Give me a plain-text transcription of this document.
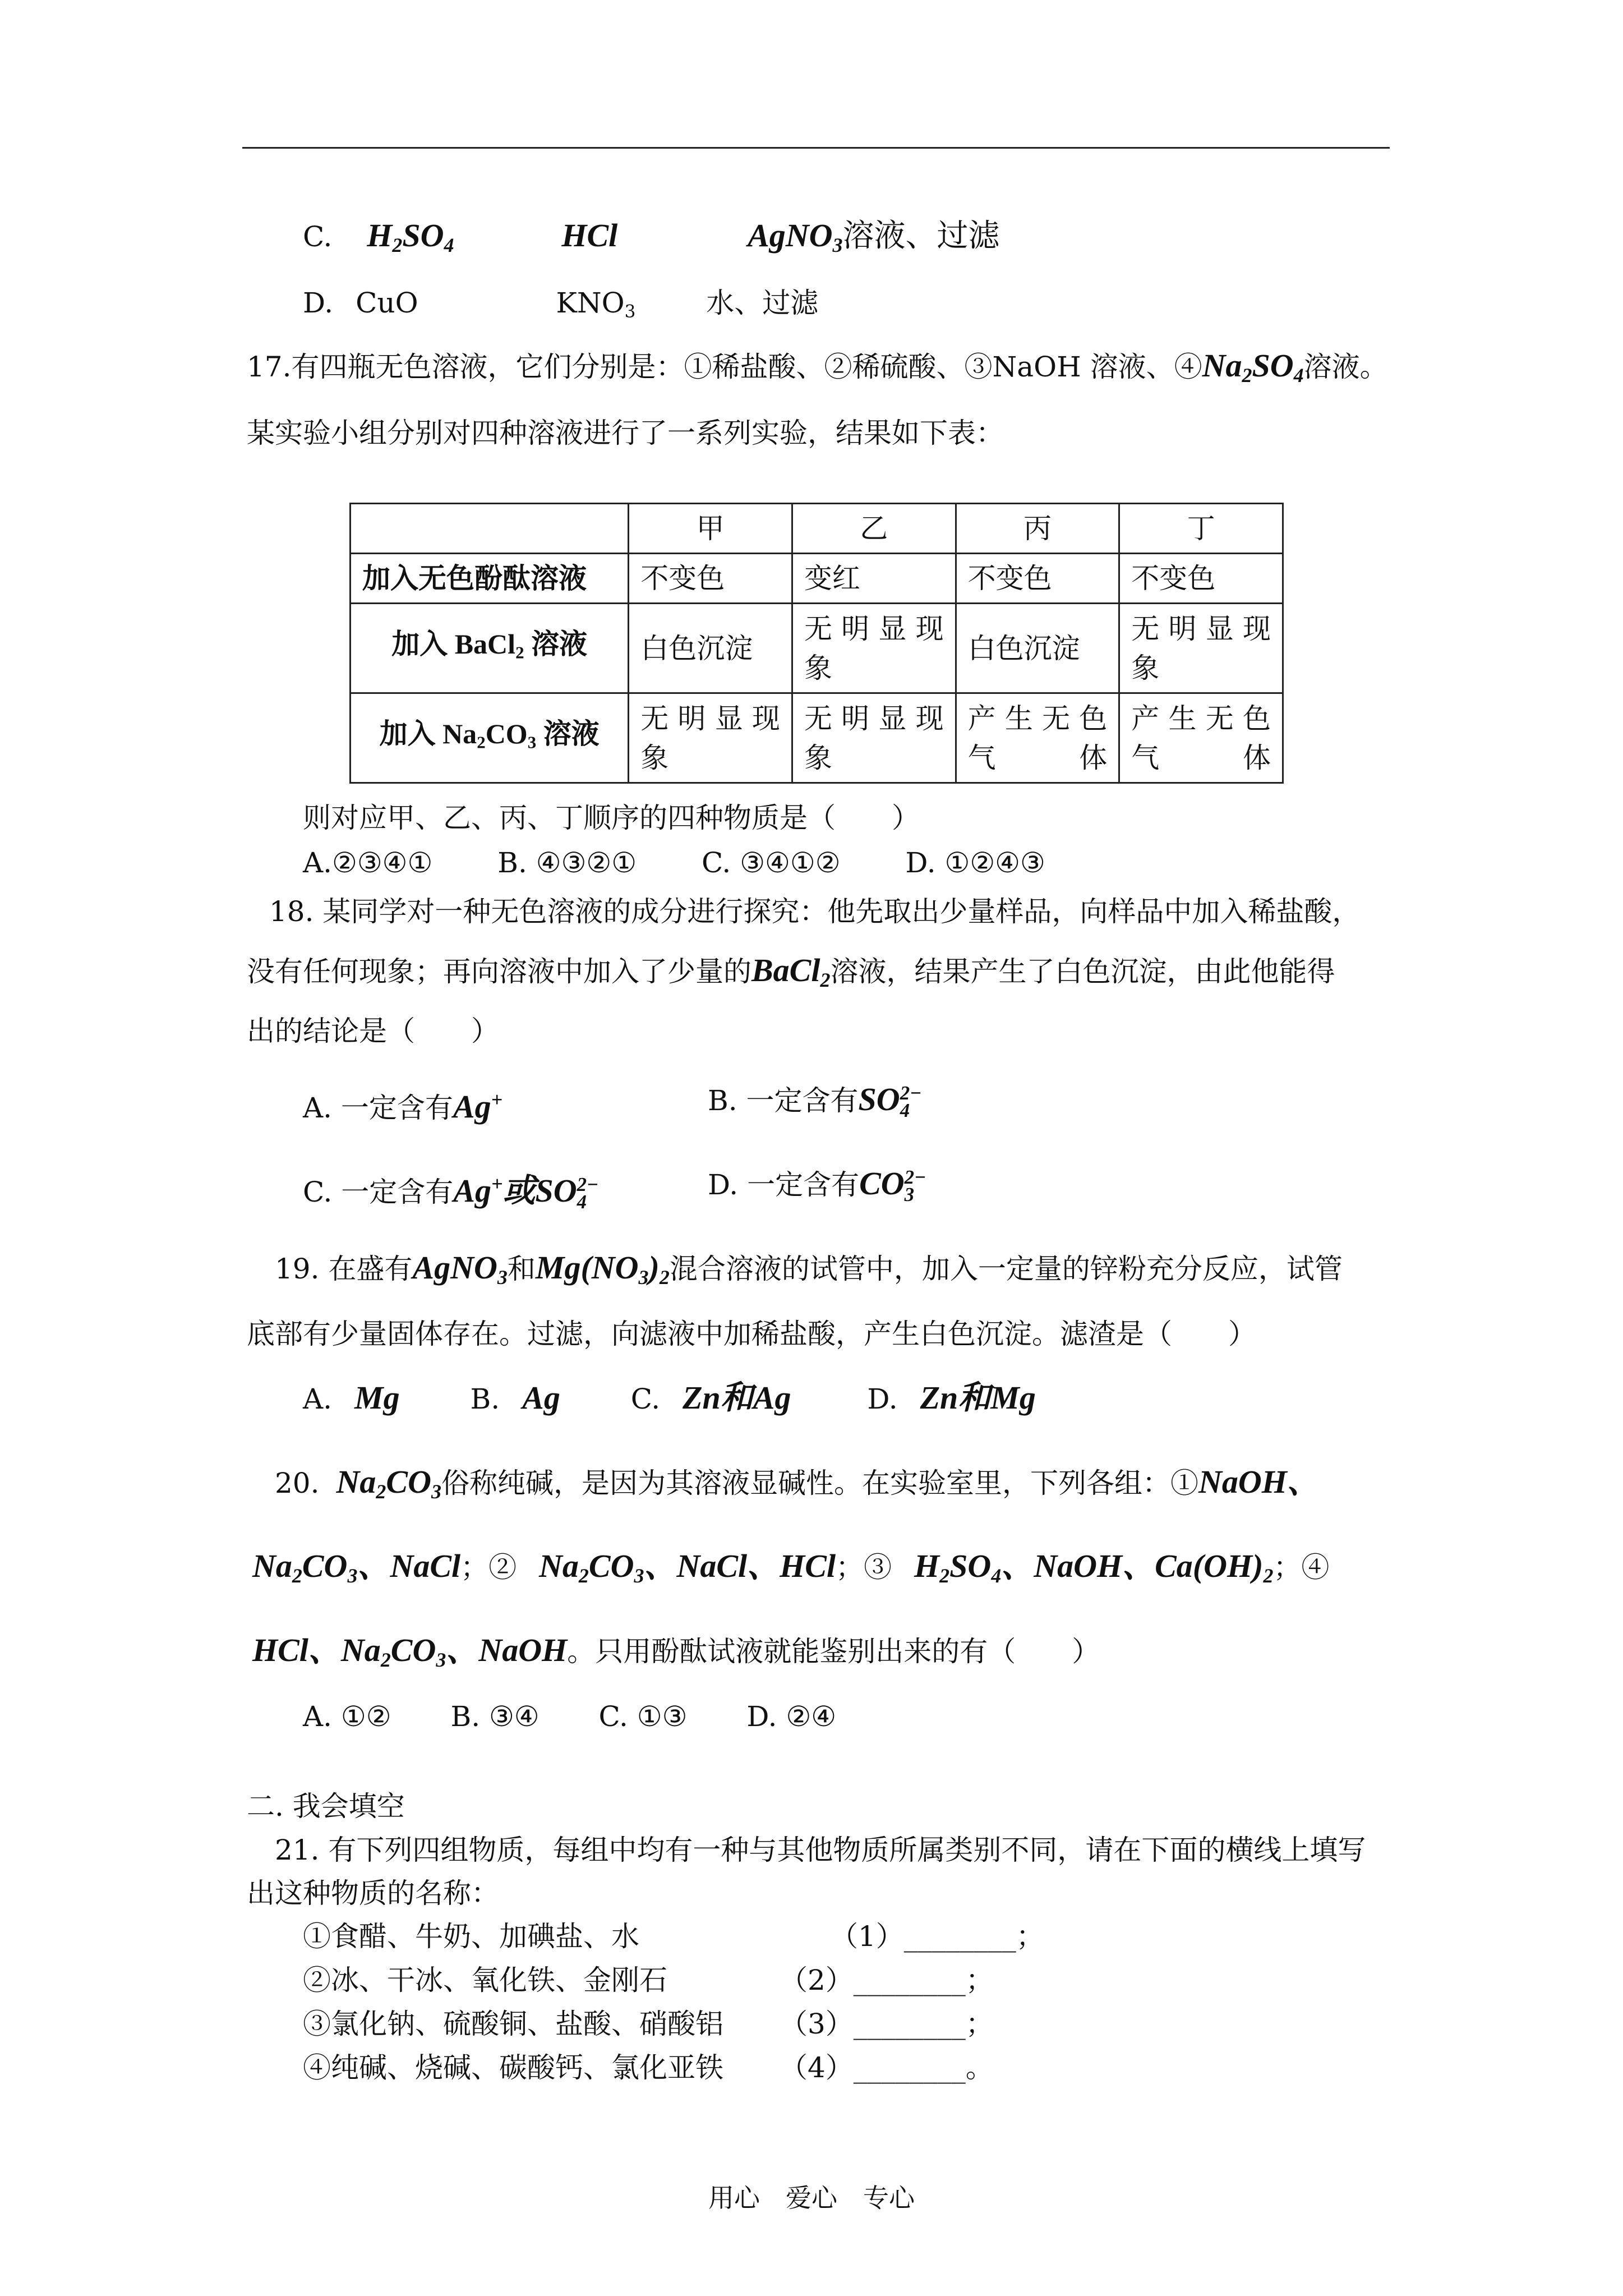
C. $H_2SO_4$	HCl	AgNO$_3$溶液、过滤
D. CuO	$KNO_3$	水、过滤
17.有四瓶无色溶液，它们分别是：①稀盐酸、②稀硫酸、③NaOH 溶液、$④Na_2SO_4$溶液。
某实验小组分别对四种溶液进行了一系列实验，结果如下表：
	甲	乙	丙	丁
加入无色酚酞溶液	不变色	变红	不变色	不变色
加入 BaCl$_2$ 溶液	白色沉淀	无明显现象	白色沉淀	无明显现象
加入 $Na_2CO_3$ 溶液	无明显现象	无明显现象	产生无色气体	产生无色气体
则对应甲、乙、丙、丁顺序的四种物质是（　　）
A.②③④① B. ④③②① C. ③④①② D. ①②④③
18. 某同学对一种无色溶液的成分进行探究：他先取出少量样品，向样品中加入稀盐酸，
没有任何现象；再向溶液中加入了少量的BaCl$_2$溶液，结果产生了白色沉淀，由此他能得
出的结论是（　　）
A. 一定含有Ag+	B. 一定含有SO 2−
4
C. 一定含有Ag+或SO 2−
4
D. 一定含有CO 2−
3
19. 在盛有AgNO$_3$和$Mg(NO_3)_2$混合溶液的试管中，加入一定量的锌粉充分反应，试管
底部有少量固体存在。过滤，向滤液中加稀盐酸，产生白色沉淀。滤渣是（　　）
A. Mg	B. Ag	C. Zn和Ag	D. Zn和Mg
20. $Na_2CO_3$俗称纯碱，是因为其溶液显碱性。在实验室里，下列各组：①NaOH、
$Na_2CO_3$、NaCl；② $Na_2CO_3$、NaCl、HCl；③ $H_2SO_4$、NaOH、$Ca(OH)_2$；④
HCl、$Na_2CO_3$、NaOH。只用酚酞试液就能鉴别出来的有（　　）
A. ①② B. ③④ C. ①③ D. ②④
二. 我会填空
21. 有下列四组物质，每组中均有一种与其他物质所属类别不同，请在下面的横线上填写
出这种物质的名称：
①食醋、牛奶、加碘盐、水	（1）________；
②冰、干冰、氧化铁、金刚石	（2）________；
③氯化钠、硫酸铜、盐酸、硝酸铝 （3）________；
④纯碱、烧碱、碳酸钙、氯化亚铁 （4）________。
用心　爱心　专心
